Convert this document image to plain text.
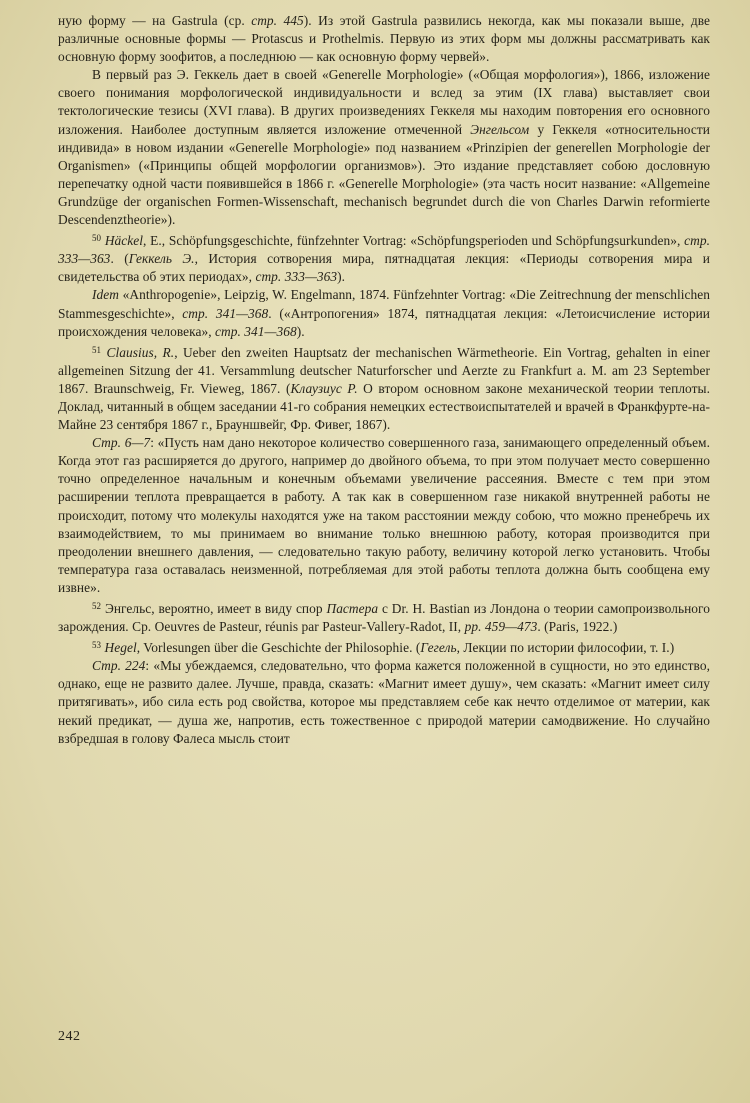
ную форму — на Gastrula (ср. стр. 445). Из этой Gastrula развились некогда, как мы показали выше, две различные основные формы — Protascus и Prothelmis. Первую из этих форм мы должны рассматривать как основную форму зоофитов, а последнюю — как основную форму червей».

В первый раз Э. Геккель дает в своей «Generelle Morphologie» («Общая морфология»), 1866, изложение своего понимания морфологической индивидуальности и вслед за этим (IX глава) выставляет свои тектологические тезисы (XVI глава). В других произведениях Геккеля мы находим повторения его основного изложения. Наиболее доступным является изложение отмеченной Энгельсом у Геккеля «относительности индивида» в новом издании «Generelle Morphologie» под названием «Prinzipien der generellen Morphologie der Organismen» («Принципы общей морфологии организмов»). Это издание представляет собою дословную перепечатку одной части появившейся в 1866 г. «Generelle Morphologie» (эта часть носит название: «Allgemeine Grundzüge der organischen Formen-Wissenschaft, mechanisch begrundet durch die von Charles Darwin reformierte Descendenztheorie»).

$^{50}$ Häckel, E., Schöpfungsgeschichte, fünfzehnter Vortrag: «Schöpfungsperioden und Schöpfungsurkunden», стр. 333—363. (Геккель Э., История сотворения мира, пятнадцатая лекция: «Периоды сотворения мира и свидетельства об этих периодах», стр. 333—363).

Idem «Anthropogenie», Leipzig, W. Engelmann, 1874. Fünfzehnter Vortrag: «Die Zeitrechnung der menschlichen Stammesgeschichte», стр. 341—368. («Антропогения» 1874, пятнадцатая лекция: «Летоисчисление истории происхождения человека», стр. 341—368).

$^{51}$ Clausius, R., Ueber den zweiten Hauptsatz der mechanischen Wärmetheorie. Ein Vortrag, gehalten in einer allgemeinen Sitzung der 41. Versammlung deutscher Naturforscher und Aerzte zu Frankfurt a. M. am 23 September 1867. Braunschweig, Fr. Vieweg, 1867. (Клаузиус Р. О втором основном законе механической теории теплоты. Доклад, читанный в общем заседании 41-го собрания немецких естествоиспытателей и врачей в Франкфурте-на-Майне 23 сентября 1867 г., Брауншвейг, Фр. Фивег, 1867).

Стр. 6—7: «Пусть нам дано некоторое количество совершенного газа, занимающего определенный объем. Когда этот газ расширяется до другого, например до двойного объема, то при этом получает место совершенно точно определенное начальным и конечным объемами увеличение рассеяния. Вместе с тем при этом расширении теплота превращается в работу. А так как в совершенном газе никакой внутренней работы не происходит, потому что молекулы находятся уже на таком расстоянии между собою, что можно пренебречь их взаимодействием, то мы принимаем во внимание только внешнюю работу, которая производится при преодолении внешнего давления, — следовательно такую работу, величину которой легко установить. Чтобы температура газа оставалась неизменной, потребляемая для этой работы теплота должна быть сообщена ему извне».

$^{52}$ Энгельс, вероятно, имеет в виду спор Пастера с Dr. H. Bastian из Лондона о теории самопроизвольного зарождения. Ср. Oeuvres de Pasteur, réunis par Pasteur-Vallery-Radot, II, pp. 459—473. (Paris, 1922.)

$^{53}$ Hegel, Vorlesungen über die Geschichte der Philosophie. (Гегель, Лекции по истории философии, т. I.)

Стр. 224: «Мы убеждаемся, следовательно, что форма кажется положенной в сущности, но это единство, однако, еще не развито далее. Лучше, правда, сказать: «Магнит имеет душу», чем сказать: «Магнит имеет силу притягивать», ибо сила есть род свойства, которое мы представляем себе как нечто отделимое от материи, как некий предикат, — душа же, напротив, есть тожественное с природой материи самодвижение. Но случайно взбредшая в голову Фалеса мысль стоит

242
